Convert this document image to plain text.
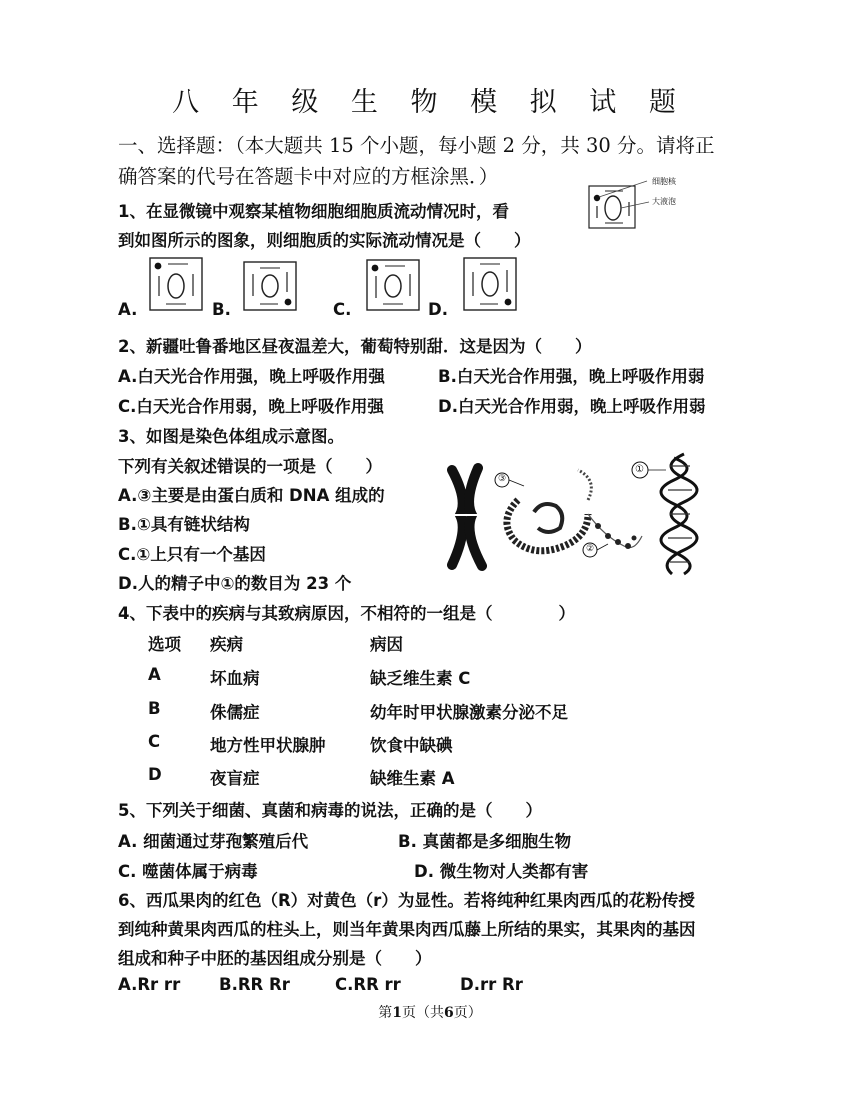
八 年 级 生 物 模 拟 试 题
一、选择题：（本大题共 15 个小题，每小题 2 分，共 30 分。请将正
确答案的代号在答题卡中对应的方框涂黑．）
1、在显微镜中观察某植物细胞细胞质流动情况时，看
到如图所示的图象，则细胞质的实际流动情况是（　　）
细胞核
大液泡
A.	B.	C.	D.
2、新疆吐鲁番地区昼夜温差大，葡萄特别甜．这是因为（　　）
A.白天光合作用强，晚上呼吸作用强	B.白天光合作用强，晚上呼吸作用弱
C.白天光合作用弱，晚上呼吸作用强	D.白天光合作用弱，晚上呼吸作用弱
3、如图是染色体组成示意图。
下列有关叙述错误的一项是（　　）
A.③主要是由蛋白质和 DNA 组成的
B.①具有链状结构
C.①上只有一个基因
D.人的精子中①的数目为 23 个
③
①
②
4、下表中的疾病与其致病原因，不相符的一组是（　　　　）
选项 疾病	病因
A	坏血病	缺乏维生素 C
B	侏儒症	幼年时甲状腺激素分泌不足
C	地方性甲状腺肿	饮食中缺碘
D	夜盲症	缺维生素 A
5、下列关于细菌、真菌和病毒的说法，正确的是（　　）
A. 细菌通过芽孢繁殖后代	B. 真菌都是多细胞生物
C. 噬菌体属于病毒	D. 微生物对人类都有害
6、西瓜果肉的红色（R）对黄色（r）为显性。若将纯种红果肉西瓜的花粉传授
到纯种黄果肉西瓜的柱头上，则当年黄果肉西瓜藤上所结的果实，其果肉的基因
组成和种子中胚的基因组成分别是（　　）
A.Rr rr B.RR Rr	C.RR rr	D.rr Rr
第1页（共6页）
